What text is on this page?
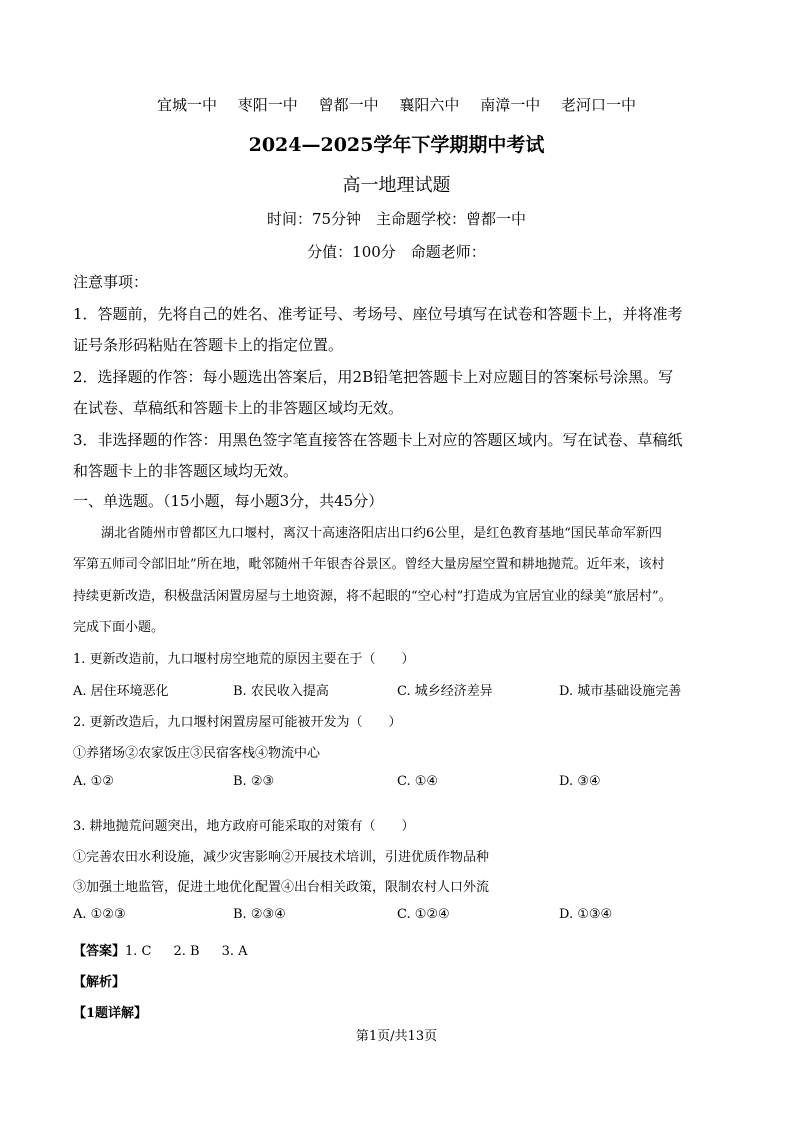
宜城一中 枣阳一中 曾都一中 襄阳六中 南漳一中 老河口一中
2024—2025学年下学期期中考试
高一地理试题
时间：75分钟　主命题学校：曾都一中
分值：100分　命题老师：
注意事项：
1．答题前，先将自己的姓名、准考证号、考场号、座位号填写在试卷和答题卡上，并将准考
证号条形码粘贴在答题卡上的指定位置。
2．选择题的作答：每小题选出答案后，用2B铅笔把答题卡上对应题目的答案标号涂黑。写
在试卷、草稿纸和答题卡上的非答题区域均无效。
3．非选择题的作答：用黑色签字笔直接答在答题卡上对应的答题区域内。写在试卷、草稿纸
和答题卡上的非答题区域均无效。
一、单选题。（15小题，每小题3分，共45分）
湖北省随州市曾都区九口堰村，离汉十高速洛阳店出口约6公里，是红色教育基地“国民革命军新四
军第五师司令部旧址”所在地，毗邻随州千年银杏谷景区。曾经大量房屋空置和耕地抛荒。近年来，该村
持续更新改造，积极盘活闲置房屋与土地资源，将不起眼的“空心村”打造成为宜居宜业的绿美“旅居村”。
完成下面小题。
1. 更新改造前，九口堰村房空地荒的原因主要在于（　　）
A. 居住环境恶化	B. 农民收入提高	C. 城乡经济差异	D. 城市基础设施完善
2. 更新改造后，九口堰村闲置房屋可能被开发为（　　）
①养猪场②农家饭庄③民宿客栈④物流中心
A. ①②	B. ②③	C. ①④	D. ③④
3. 耕地抛荒问题突出，地方政府可能采取的对策有（　　）
①完善农田水利设施，减少灾害影响②开展技术培训，引进优质作物品种
③加强土地监管，促进土地优化配置④出台相关政策，限制农村人口外流
A. ①②③	B. ②③④	C. ①②④	D. ①③④
【答案】1. C 2. B 3. A
【解析】
【1题详解】
第1页/共13页
